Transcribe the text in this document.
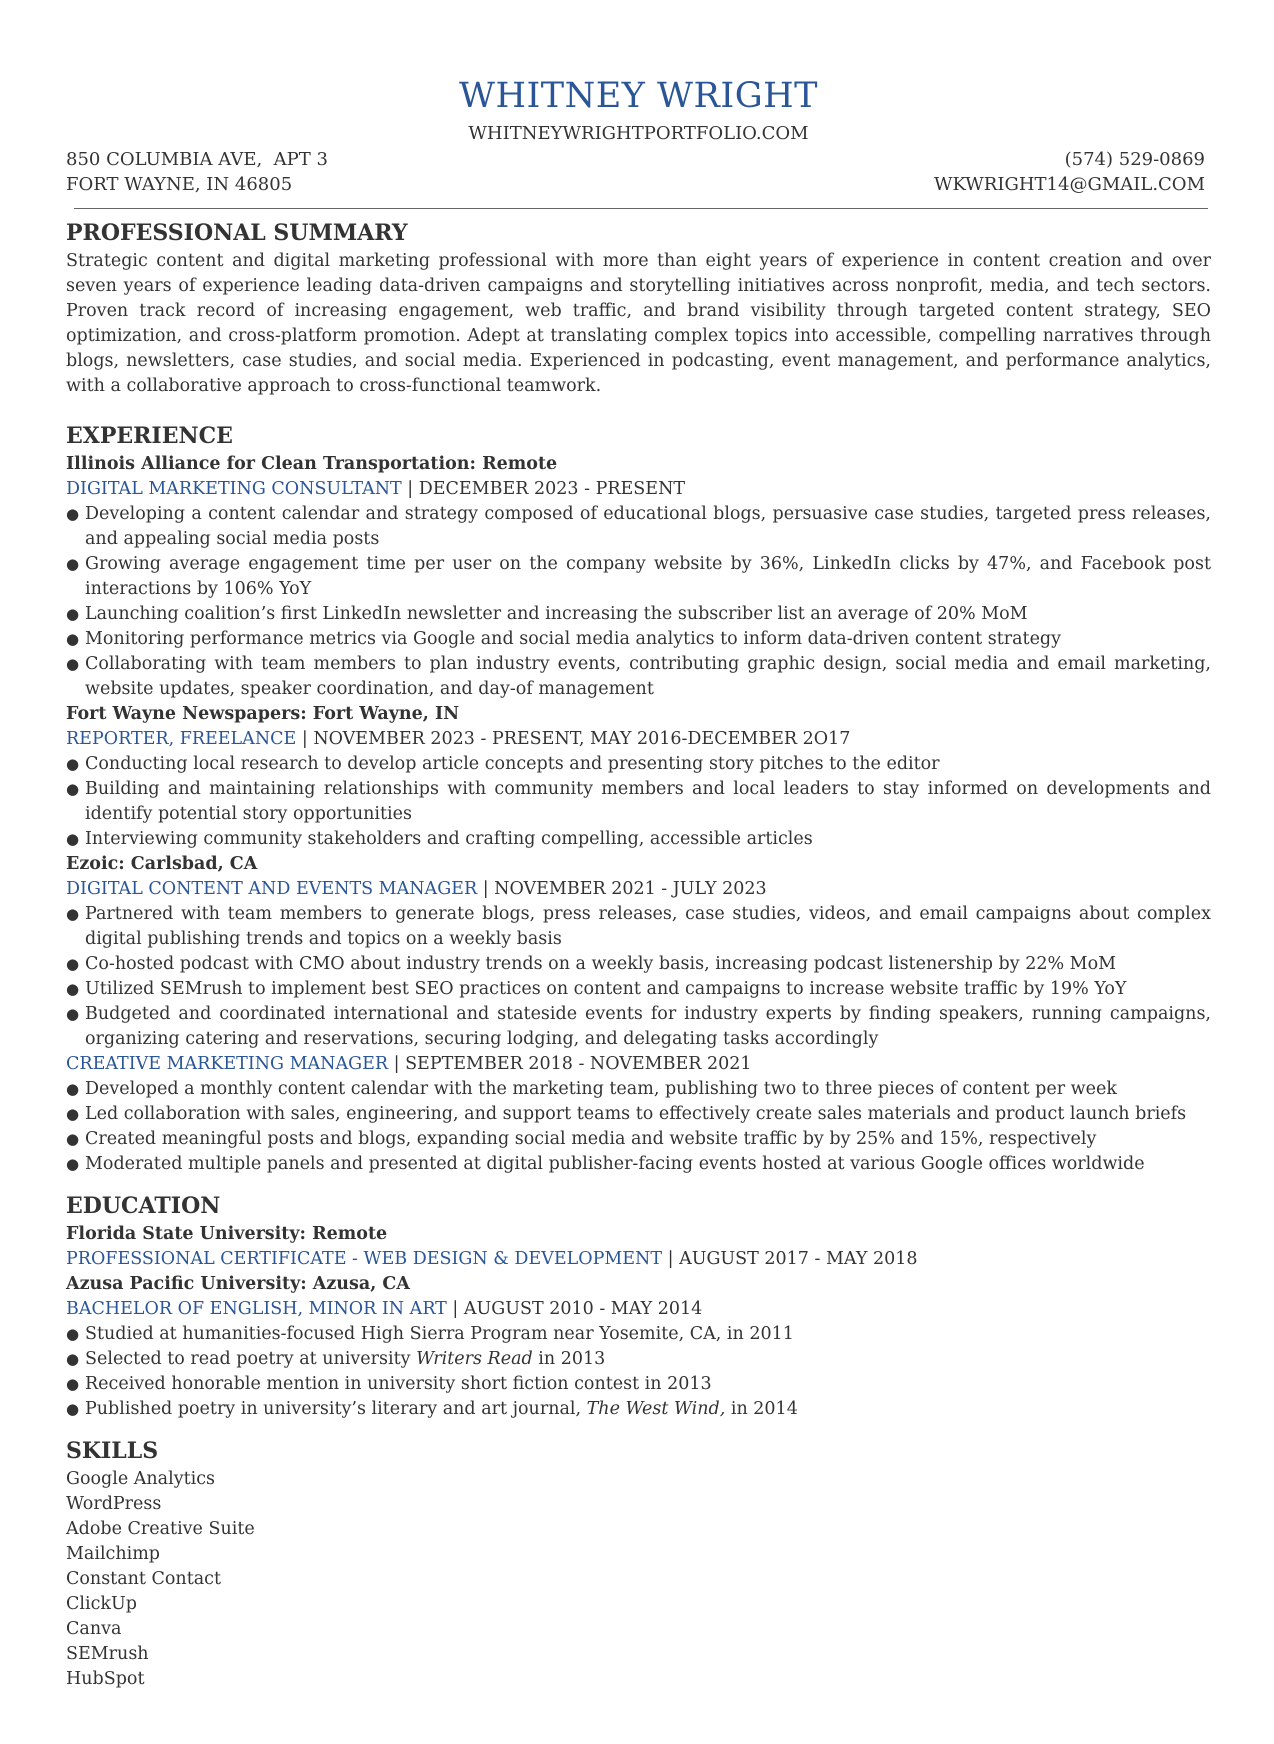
WHITNEY WRIGHT
WHITNEYWRIGHTPORTFOLIO.COM
850 COLUMBIA AVE,  APT 3
FORT WAYNE, IN 46805
(574) 529-0869
WKWRIGHT14@GMAIL.COM
PROFESSIONAL SUMMARY
Strategic content and digital marketing professional with more than eight years of experience in content creation and over seven years of experience leading data-driven campaigns and storytelling initiatives across nonprofit, media, and tech sectors. Proven track record of increasing engagement, web traffic, and brand visibility through targeted content strategy, SEO optimization, and cross-platform promotion. Adept at translating complex topics into accessible, compelling narratives through blogs, newsletters, case studies, and social media. Experienced in podcasting, event management, and performance analytics, with a collaborative approach to cross-functional teamwork.
EXPERIENCE
Illinois Alliance for Clean Transportation: Remote
DIGITAL MARKETING CONSULTANT | DECEMBER 2023 - PRESENT
● Developing a content calendar and strategy composed of educational blogs, persuasive case studies, targeted press releases, and appealing social media posts
● Growing average engagement time per user on the company website by 36%, LinkedIn clicks by 47%, and Facebook post interactions by 106% YoY
● Launching coalition’s first LinkedIn newsletter and increasing the subscriber list an average of 20% MoM
● Monitoring performance metrics via Google and social media analytics to inform data-driven content strategy
● Collaborating with team members to plan industry events, contributing graphic design, social media and email marketing, website updates, speaker coordination, and day-of management
Fort Wayne Newspapers: Fort Wayne, IN
REPORTER, FREELANCE | NOVEMBER 2023 - PRESENT, MAY 2016-DECEMBER 2O17
● Conducting local research to develop article concepts and presenting story pitches to the editor
● Building and maintaining relationships with community members and local leaders to stay informed on developments and identify potential story opportunities
● Interviewing community stakeholders and crafting compelling, accessible articles
Ezoic: Carlsbad, CA
DIGITAL CONTENT AND EVENTS MANAGER | NOVEMBER 2021 - JULY 2023
● Partnered with team members to generate blogs, press releases, case studies, videos, and email campaigns about complex digital publishing trends and topics on a weekly basis
● Co-hosted podcast with CMO about industry trends on a weekly basis, increasing podcast listenership by 22% MoM
● Utilized SEMrush to implement best SEO practices on content and campaigns to increase website traffic by 19% YoY
● Budgeted and coordinated international and stateside events for industry experts by finding speakers, running campaigns, organizing catering and reservations, securing lodging, and delegating tasks accordingly
CREATIVE MARKETING MANAGER | SEPTEMBER 2018 - NOVEMBER 2021
● Developed a monthly content calendar with the marketing team, publishing two to three pieces of content per week
● Led collaboration with sales, engineering, and support teams to effectively create sales materials and product launch briefs
● Created meaningful posts and blogs, expanding social media and website traffic by by 25% and 15%, respectively
● Moderated multiple panels and presented at digital publisher-facing events hosted at various Google offices worldwide
EDUCATION
Florida State University: Remote
PROFESSIONAL CERTIFICATE - WEB DESIGN & DEVELOPMENT | AUGUST 2017 - MAY 2018
Azusa Pacific University: Azusa, CA
BACHELOR OF ENGLISH, MINOR IN ART | AUGUST 2010 - MAY 2014
● Studied at humanities-focused High Sierra Program near Yosemite, CA, in 2011
● Selected to read poetry at university Writers Read in 2013
● Received honorable mention in university short fiction contest in 2013
● Published poetry in university’s literary and art journal, The West Wind, in 2014
SKILLS
Google Analytics
WordPress
Adobe Creative Suite
Mailchimp
Constant Contact
ClickUp
Canva
SEMrush
HubSpot
